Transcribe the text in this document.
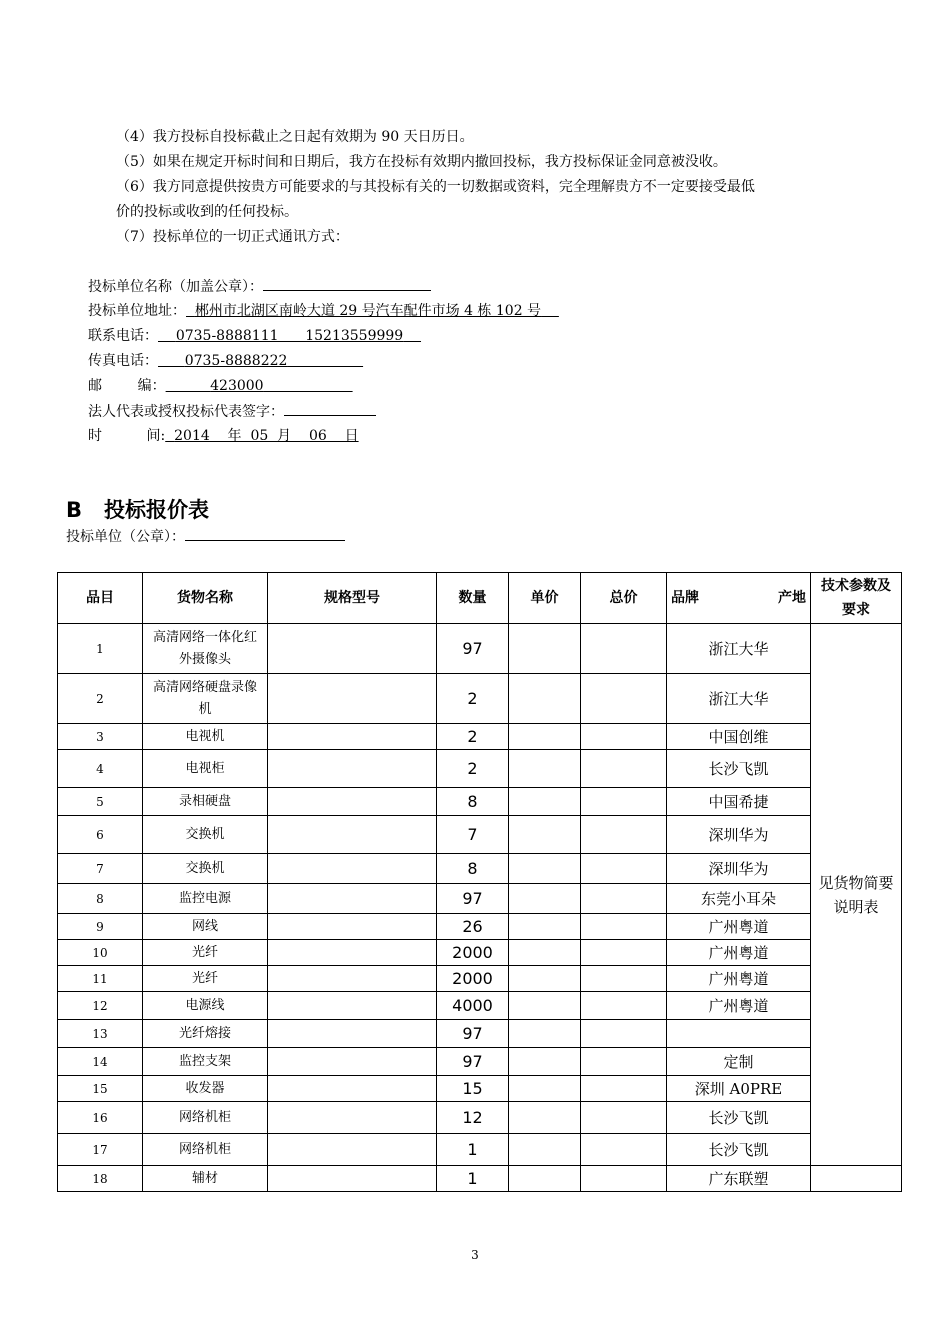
（4）我方投标自投标截止之日起有效期为 90 天日历日。
（5）如果在规定开标时间和日期后，我方在投标有效期内撤回投标，我方投标保证金同意被没收。
（6）我方同意提供按贵方可能要求的与其投标有关的一切数据或资料，完全理解贵方不一定要接受最低
价的投标或收到的任何投标。
（7）投标单位的一切正式通讯方式：
投标单位名称（加盖公章）：
投标单位地址： 郴州市北湖区南岭大道 29 号汽车配件市场 4 栋 102 号
联系电话： 0735-8888111      15213559999
传真电话： 0735-8888222
邮        编：	423000
法人代表或授权投标代表签字：
时          间: 2014    年  05  月    06    日
B   投标报价表
投标单位（公章）：
品目	货物名称	规格型号	数量	单价	总价	品牌 产地	技术参数及要求
1	高清网络一体化红外摄像头		97			浙江大华	见货物简要说明表
2	高清网络硬盘录像机		2			浙江大华	
3	电视机		2			中国创维	
4	电视柜		2			长沙飞凯	
5	录相硬盘		8			中国希捷	
6	交换机		7			深圳华为	
7	交换机		8			深圳华为	
8	监控电源		97			东莞小耳朵	
9	网线		26			广州粤道	
10	光纤		2000			广州粤道	
11	光纤		2000			广州粤道	
12	电源线		4000			广州粤道	
13	光纤熔接		97				
14	监控支架		97			定制	
15	收发器		15			深圳 A0PRE	
16	网络机柜		12			长沙飞凯	
17	网络机柜		1			长沙飞凯	
18	辅材		1			广东联塑	
3
